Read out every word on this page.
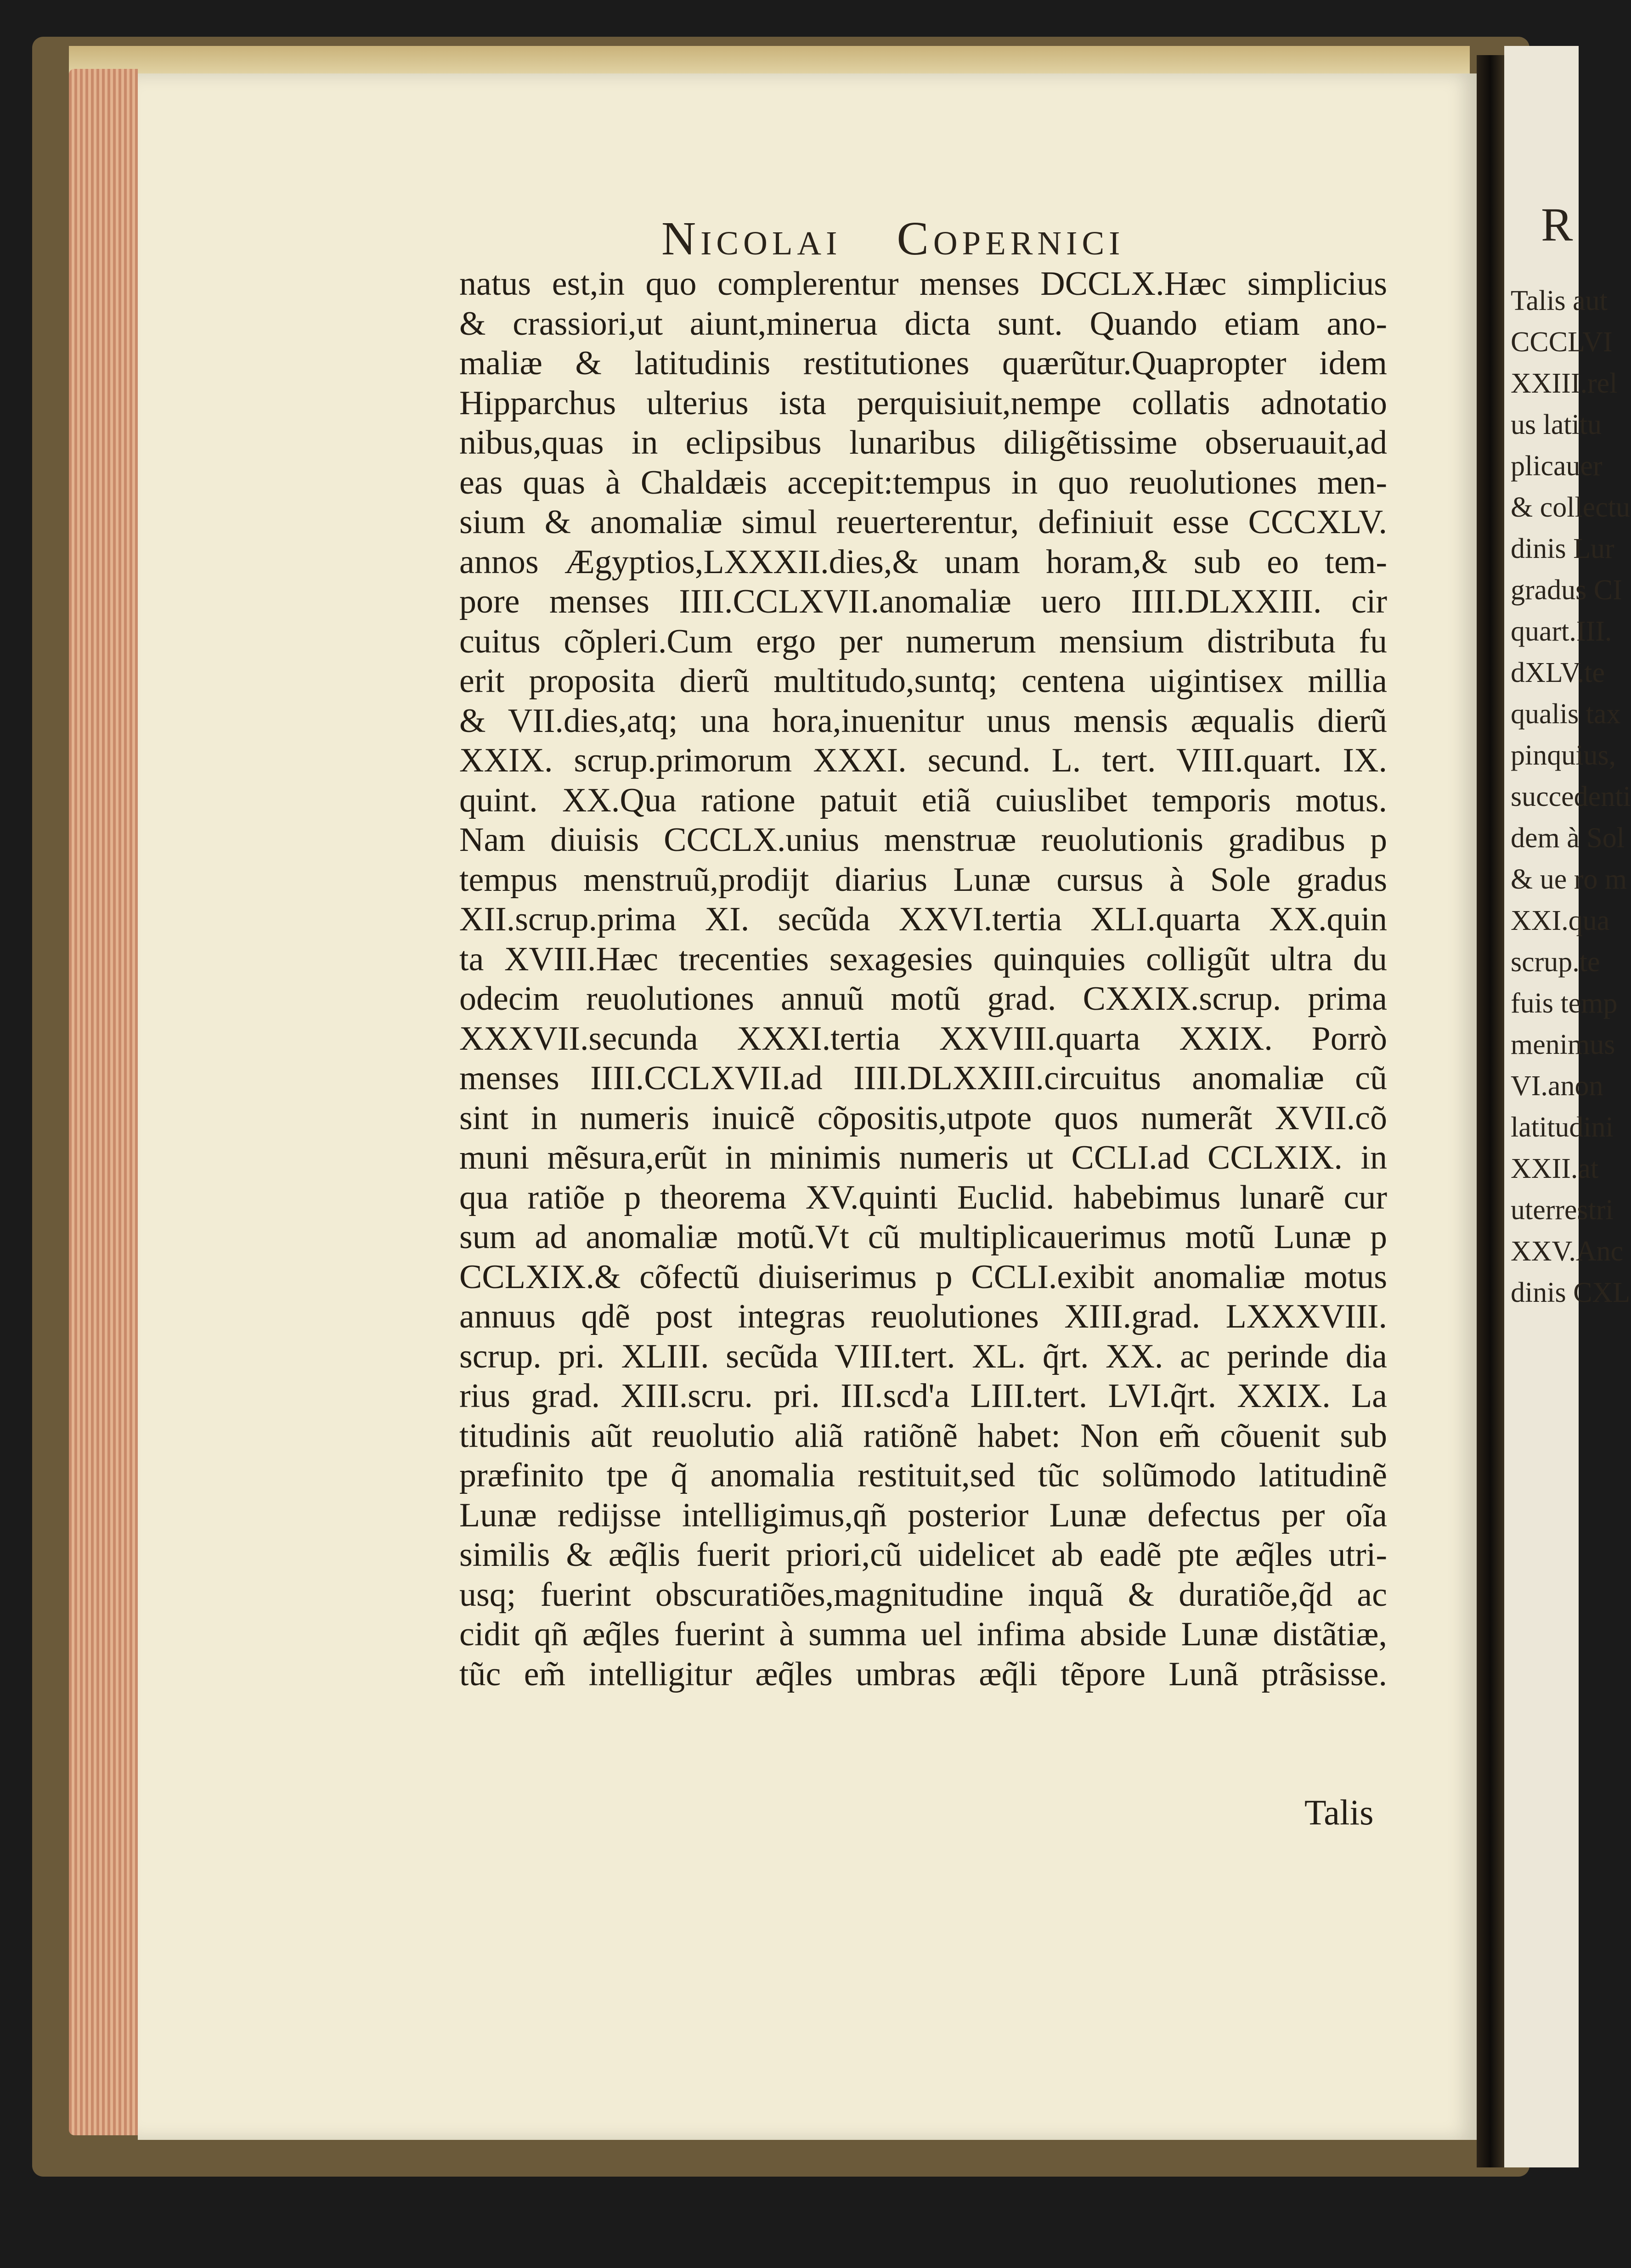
R
Talis aut
CCCLVI
XXIII.rel
us latitu
plicauer
& collectu
dinis Lur
gradus CI
quart.III.
dXLV.te
qualis tax
pinquius,
succedenti
dem à Sol
& ue ro m
XXI.qua
scrup.te
fuis temp
menimus
VI.anon
latitudini
XXII.at
uterrestri
XXV.Anc
dinis CXL
Nicolai Copernici
natus est,in quo complerentur menses DCCLX.Hæc simplicius
& crassiori,ut aiunt,minerua dicta sunt. Quando etiam ano-
maliæ & latitudinis restitutiones quærũtur.Quapropter idem
Hipparchus ulterius ista perquisiuit,nempe collatis adnotatio
nibus,quas in eclipsibus lunaribus diligẽtissime obseruauit,ad
eas quas à Chaldæis accepit:tempus in quo reuolutiones men-
sium & anomaliæ simul reuerterentur, definiuit esse CCCXLV.
annos Ægyptios,LXXXII.dies,& unam horam,& sub eo tem-
pore menses IIII.CCLXVII.anomaliæ uero IIII.DLXXIII. cir
cuitus cõpleri.Cum ergo per numerum mensium distributa fu
erit proposita dierũ multitudo,suntq; centena uigintisex millia
& VII.dies,atq; una hora,inuenitur unus mensis æqualis dierũ
XXIX. scrup.primorum XXXI. secund. L. tert. VIII.quart. IX.
quint. XX.Qua ratione patuit etiã cuiuslibet temporis motus.
Nam diuisis CCCLX.unius menstruæ reuolutionis gradibus p
tempus menstruũ,prodijt diarius Lunæ cursus à Sole gradus
XII.scrup.prima XI. secũda XXVI.tertia XLI.quarta XX.quin
ta XVIII.Hæc trecenties sexagesies quinquies colligũt ultra du
odecim reuolutiones annuũ motũ grad. CXXIX.scrup. prima
XXXVII.secunda XXXI.tertia XXVIII.quarta XXIX. Porrò
menses IIII.CCLXVII.ad IIII.DLXXIII.circuitus anomaliæ cũ
sint in numeris inuicẽ cõpositis,utpote quos numerãt XVII.cõ
muni mẽsura,erũt in minimis numeris ut CCLI.ad CCLXIX. in
qua ratiõe p theorema XV.quinti Euclid. habebimus lunarẽ cur
sum ad anomaliæ motũ.Vt cũ multiplicauerimus motũ Lunæ p
CCLXIX.& cõfectũ diuiserimus p CCLI.exibit anomaliæ motus
annuus qdẽ post integras reuolutiones XIII.grad. LXXXVIII.
scrup. pri. XLIII. secũda VIII.tert. XL. q̃rt. XX. ac perinde dia
rius grad. XIII.scru. pri. III.scd'a LIII.tert. LVI.q̃rt. XXIX. La
titudinis aũt reuolutio aliã ratiõnẽ habet: Non em̃ cõuenit sub
præfinito tpe q̃ anomalia restituit,sed tũc solũmodo latitudinẽ
Lunæ redijsse intelligimus,qñ posterior Lunæ defectus per oĩa
similis & æq̃lis fuerit priori,cũ uidelicet ab eadẽ pte æq̃les utri-
usq; fuerint obscuratiões,magnitudine inquã & duratiõe,q̃d ac
cidit qñ æq̃les fuerint à summa uel infima abside Lunæ distãtiæ,
tũc em̃ intelligitur æq̃les umbras æq̃li tẽpore Lunã ptrãsisse.
Talis
